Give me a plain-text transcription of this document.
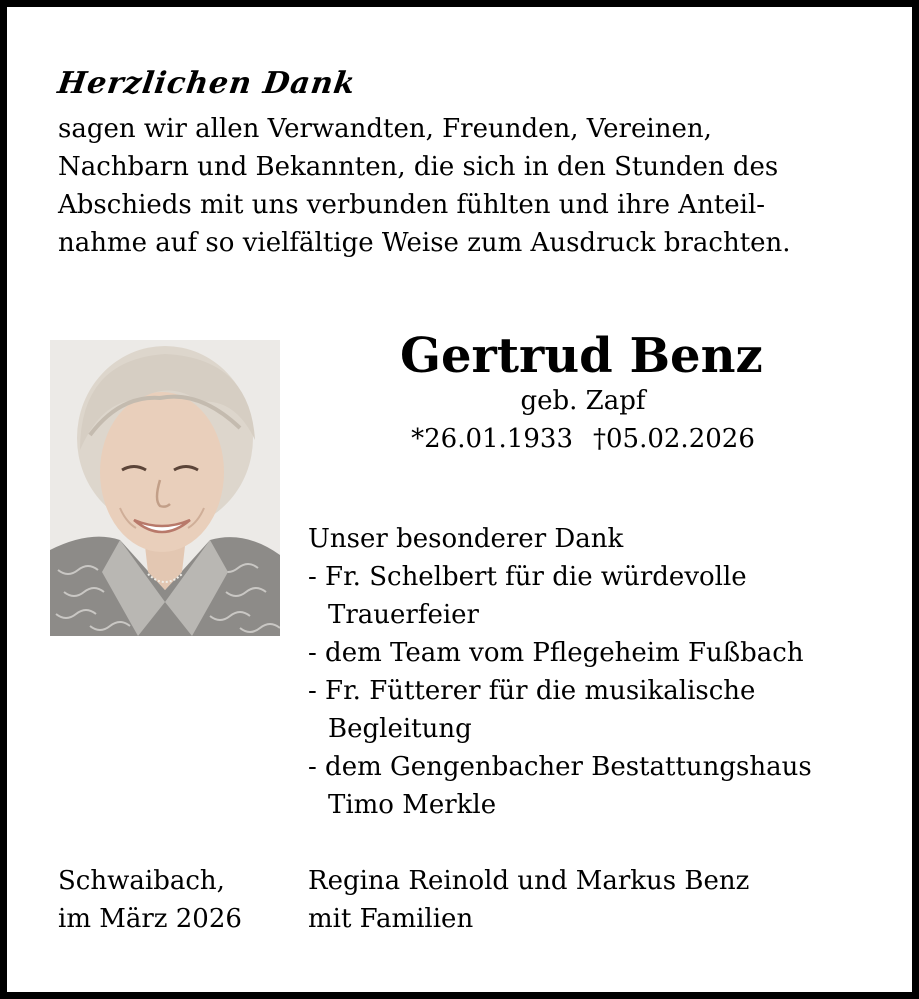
Herzlichen Dank
sagen wir allen Verwandten, Freunden, Vereinen,
Nachbarn und Bekannten, die sich in den Stunden des
Abschieds mit uns verbunden fühlten und ihre Anteil-
nahme auf so vielfältige Weise zum Ausdruck brachten.
Gertrud Benz
geb. Zapf
*26.01.1933 †05.02.2026
Unser besonderer Dank
- Fr. Schelbert für die würdevolle
Trauerfeier
- dem Team vom Pflegeheim Fußbach
- Fr. Fütterer für die musikalische
Begleitung
- dem Gengenbacher Bestattungshaus
Timo Merkle
Schwaibach,
im März 2026
Regina Reinold und Markus Benz
mit Familien
